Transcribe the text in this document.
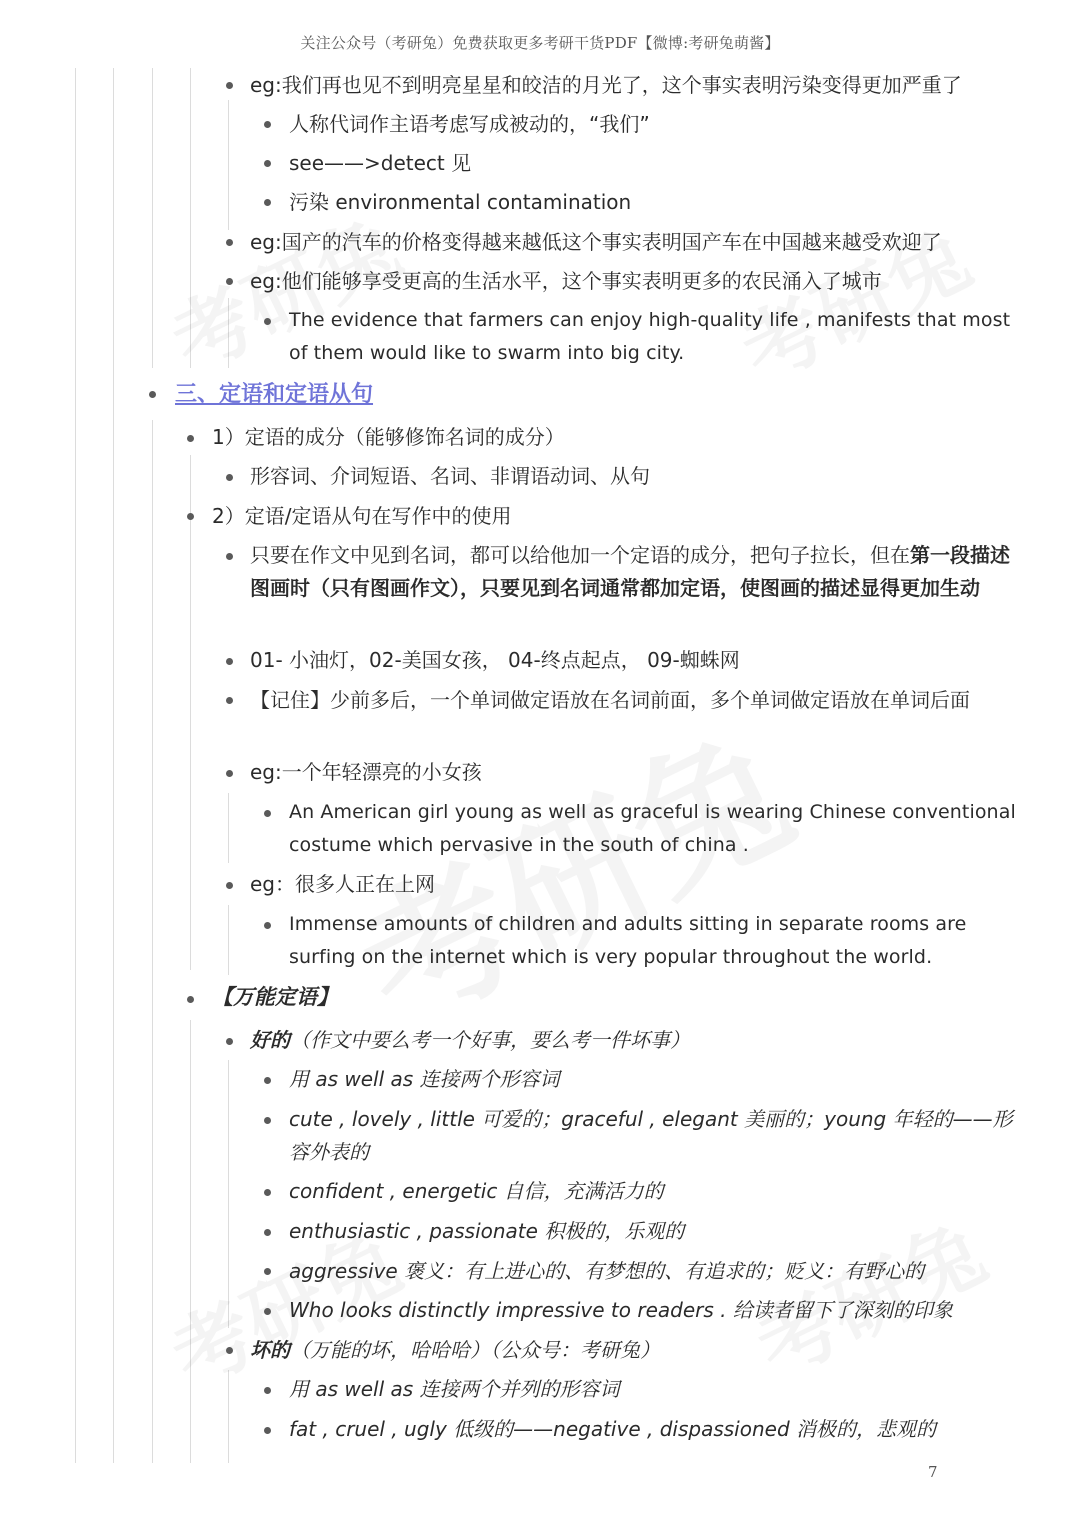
关注公众号（考研兔）免费获取更多考研干货PDF【微博:考研兔萌酱】
eg:我们再也见不到明亮星星和皎洁的月光了，这个事实表明污染变得更加严重了
人称代词作主语考虑写成被动的，“我们”
see——>detect 见
污染 environmental contamination
eg:国产的汽车的价格变得越来越低这个事实表明国产车在中国越来越受欢迎了
eg:他们能够享受更高的生活水平，这个事实表明更多的农民涌入了城市
The evidence that farmers can enjoy high-quality life , manifests that most of them would like to swarm into big city.
三、定语和定语从句
1）定语的成分（能够修饰名词的成分）
形容词、介词短语、名词、非谓语动词、从句
2）定语/定语从句在写作中的使用
只要在作文中见到名词，都可以给他加一个定语的成分，把句子拉长，但在第一段描述图画时（只有图画作文），只要见到名词通常都加定语，使图画的描述显得更加生动
01- 小油灯，02-美国女孩， 04-终点起点， 09-蜘蛛网
【记住】少前多后，一个单词做定语放在名词前面，多个单词做定语放在单词后面
eg:一个年轻漂亮的小女孩
An American girl young as well as graceful is wearing Chinese conventional costume which pervasive in the south of china .
eg：很多人正在上网
Immense amounts of children and adults sitting in separate rooms are surfing on the internet which is very popular throughout the world.
【万能定语】
好的（作文中要么考一个好事，要么考一件坏事）
用 as well as 连接两个形容词
cute , lovely , little 可爱的；graceful , elegant 美丽的；young 年轻的——形容外表的
confident , energetic 自信，充满活力的
enthusiastic , passionate 积极的，乐观的
aggressive 褒义：有上进心的、有梦想的、有追求的；贬义：有野心的
Who looks distinctly impressive to readers . 给读者留下了深刻的印象
坏的（万能的坏，哈哈哈）（公众号：考研兔）
用 as well as 连接两个并列的形容词
fat , cruel , ugly 低级的——negative , dispassioned 消极的，悲观的
7
